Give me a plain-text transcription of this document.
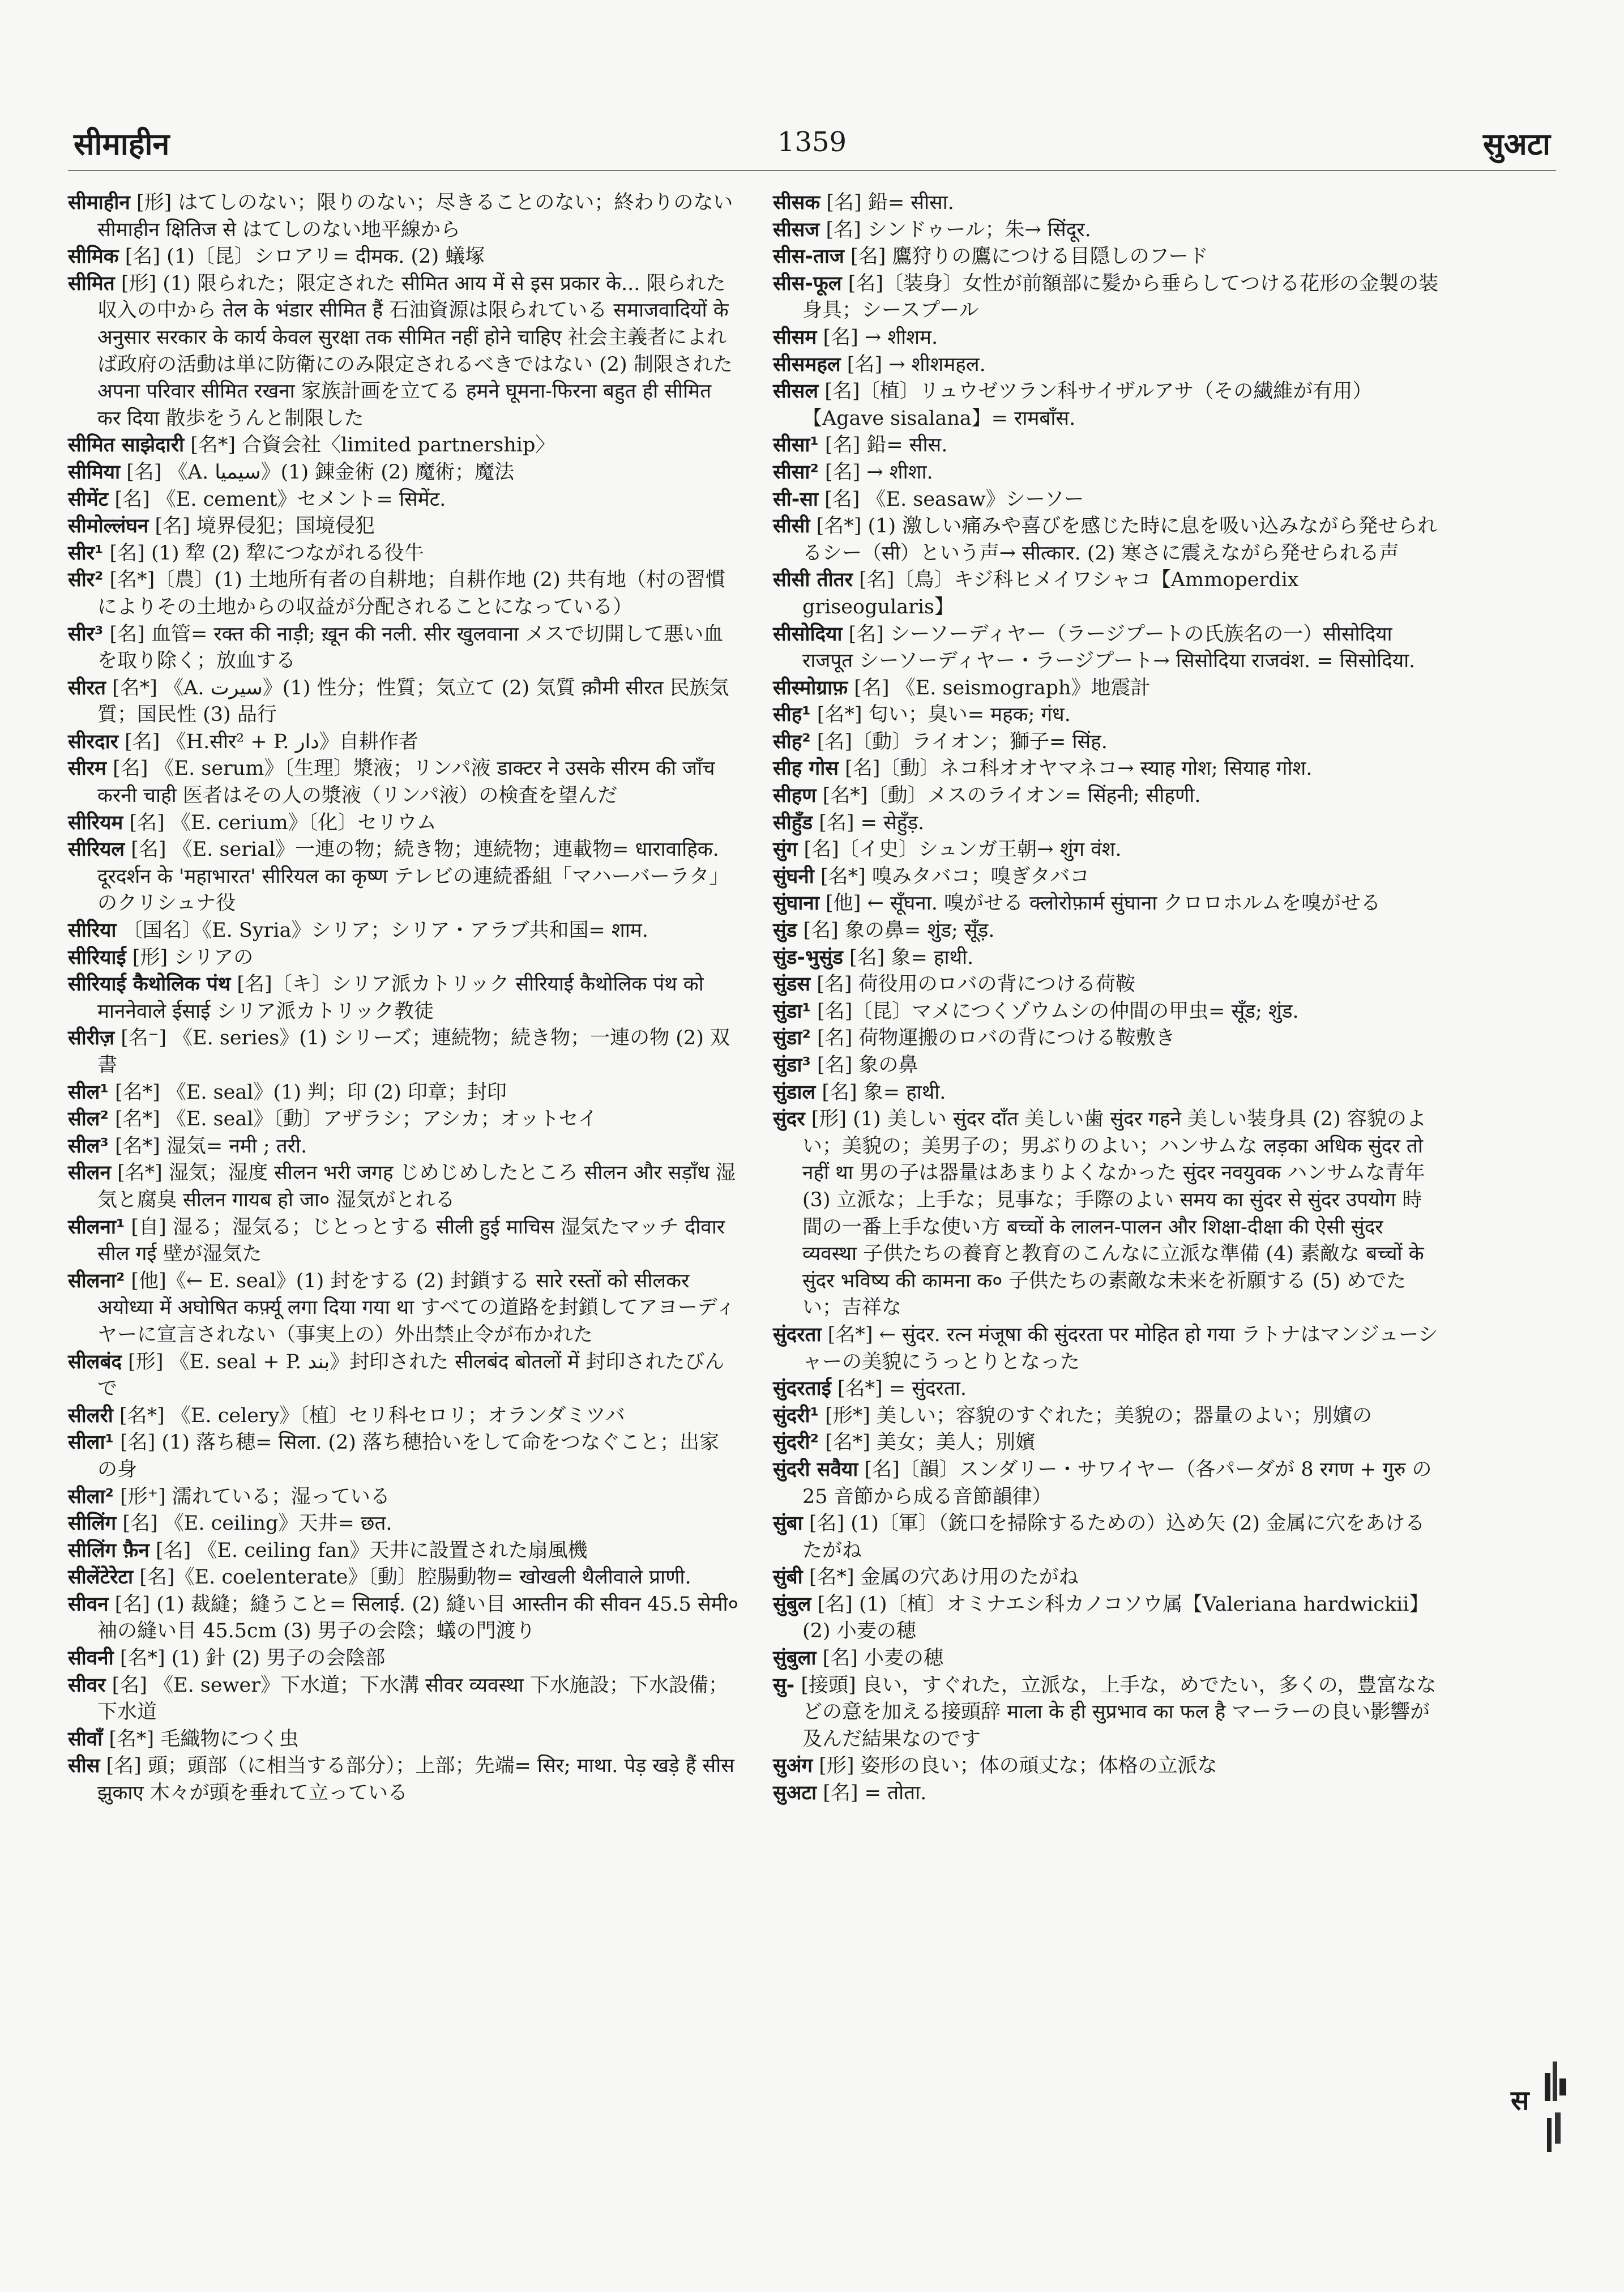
सीमाहीन	1359	सुअटा

सीमाहीन [形] はてしのない；限りのない；尽きることのない；終わりのない सीमाहीन क्षितिज से はてしのない地平線から

सीमिक [名] (1)〔昆〕シロアリ= दीमक. (2) 蟻塚

सीमित [形] (1) 限られた；限定された सीमित आय में से इस प्रकार के... 限られた収入の中から तेल के भंडार सीमित हैं 石油資源は限られている समाजवादियों के अनुसार सरकार के कार्य केवल सुरक्षा तक सीमित नहीं होने चाहिए 社会主義者によれば政府の活動は単に防衛にのみ限定されるべきではない (2) 制限された अपना परिवार सीमित रखना 家族計画を立てる हमने घूमना-फिरना बहुत ही सीमित कर दिया 散歩をうんと制限した

सीमित साझेदारी [名*] 合資会社〈limited partnership〉

सीमिया [名] 《A. سیمیا》(1) 錬金術 (2) 魔術；魔法

सीमेंट [名] 《E. cement》セメント= सिमेंट.

सीमोल्लंघन [名] 境界侵犯；国境侵犯

सीर¹ [名] (1) 犂 (2) 犂につながれる役牛

सीर² [名*]〔農〕(1) 土地所有者の自耕地；自耕作地 (2) 共有地（村の習慣によりその土地からの収益が分配されることになっている）

सीर³ [名] 血管= रक्त की नाड़ी; ख़ून की नली. सीर खुलवाना メスで切開して悪い血を取り除く；放血する

सीरत [名*] 《A. سیرت》(1) 性分；性質；気立て (2) 気質 क़ौमी सीरत 民族気質；国民性 (3) 品行

सीरदार [名] 《H.सीर² + P. دار》自耕作者

सीरम [名] 《E. serum》〔生理〕漿液；リンパ液 डाक्टर ने उसके सीरम की जाँच करनी चाही 医者はその人の漿液（リンパ液）の検査を望んだ

सीरियम [名] 《E. cerium》〔化〕セリウム

सीरियल [名] 《E. serial》一連の物；続き物；連続物；連載物= धारावाहिक. दूरदर्शन के 'महाभारत' सीरियल का कृष्ण テレビの連続番組「マハーバーラタ」のクリシュナ役

सीरिया 〔国名〕《E. Syria》シリア；シリア・アラブ共和国= शाम.

सीरियाई [形] シリアの

सीरियाई कैथोलिक पंथ [名]〔キ〕シリア派カトリック सीरियाई कैथोलिक पंथ को माननेवाले ईसाई シリア派カトリック教徒

सीरीज़ [名⁻] 《E. series》(1) シリーズ；連続物；続き物；一連の物 (2) 双書

सील¹ [名*] 《E. seal》(1) 判；印 (2) 印章；封印

सील² [名*] 《E. seal》〔動〕アザラシ；アシカ；オットセイ

सील³ [名*] 湿気= नमी ; तरी.

सीलन [名*] 湿気；湿度 सीलन भरी जगह じめじめしたところ सीलन और सड़ाँध 湿気と腐臭 सीलन गायब हो जा० 湿気がとれる

सीलना¹ [自] 湿る；湿気る；じとっとする सीली हुई माचिस 湿気たマッチ दीवार सील गई 壁が湿気た

सीलना² [他]《← E. seal》(1) 封をする (2) 封鎖する सारे रस्तों को सीलकर अयोध्या में अघोषित कर्फ़्यू लगा दिया गया था すべての道路を封鎖してアヨーディヤーに宣言されない（事実上の）外出禁止令が布かれた

सीलबंद [形] 《E. seal + P. بند》封印された सीलबंद बोतलों में 封印されたびんで

सीलरी [名*] 《E. celery》〔植〕セリ科セロリ；オランダミツバ

सीला¹ [名] (1) 落ち穂= सिला. (2) 落ち穂拾いをして命をつなぐこと；出家の身

सीला² [形⁺] 濡れている；湿っている

सीलिंग [名] 《E. ceiling》天井= छत.

सीलिंग फ़ैन [名] 《E. ceiling fan》天井に設置された扇風機

सीलेंटेरेटा [名]《E. coelenterate》〔動〕腔腸動物= खोखली थैलीवाले प्राणी.

सीवन [名] (1) 裁縫；縫うこと= सिलाई. (2) 縫い目 आस्तीन की सीवन 45.5 सेमी० 袖の縫い目 45.5cm (3) 男子の会陰；蟻の門渡り

सीवनी [名*] (1) 針 (2) 男子の会陰部

सीवर [名] 《E. sewer》下水道；下水溝 सीवर व्यवस्था 下水施設；下水設備；下水道

सीवाँ [名*] 毛織物につく虫

सीस [名] 頭；頭部（に相当する部分）；上部；先端= सिर; माथा. पेड़ खड़े हैं सीस झुकाए 木々が頭を垂れて立っている

सीसक [名] 鉛= सीसा.

सीसज [名] シンドゥール；朱→ सिंदूर.

सीस-ताज [名] 鷹狩りの鷹につける目隠しのフード

सीस-फूल [名]〔装身〕女性が前額部に髪から垂らしてつける花形の金製の装身具；シースプール

सीसम [名] → शीशम.

सीसमहल [名] → शीशमहल.

सीसल [名]〔植〕リュウゼツラン科サイザルアサ（その繊維が有用）【Agave sisalana】= रामबाँस.

सीसा¹ [名] 鉛= सीस.

सीसा² [名] → शीशा.

सी-सा [名] 《E. seasaw》シーソー

सीसी [名*] (1) 激しい痛みや喜びを感じた時に息を吸い込みながら発せられるシー（सी）という声→ सीत्कार. (2) 寒さに震えながら発せられる声

सीसी तीतर [名]〔鳥〕キジ科ヒメイワシャコ【Ammoperdix griseogularis】

सीसोदिया [名] シーソーディヤー（ラージプートの氏族名の一）सीसोदिया राजपूत シーソーディヤー・ラージプート→ सिसोदिया राजवंश. = सिसोदिया.

सीस्मोग्राफ़ [名] 《E. seismograph》地震計

सीह¹ [名*] 匂い；臭い= महक; गंध.

सीह² [名]〔動〕ライオン；獅子= सिंह.

सीह गोस [名]〔動〕ネコ科オオヤマネコ→ स्याह गोश; सियाह गोश.

सीहण [名*]〔動〕メスのライオン= सिंहनी; सीहणी.

सीहुँड [名] = सेहुँड़.

सुंग [名]〔イ史〕シュンガ王朝→ शुंग वंश.

सुंघनी [名*] 嗅みタバコ；嗅ぎタバコ

सुंघाना [他] ← सूँघना. 嗅がせる क्लोरोफ़ार्म सुंघाना クロロホルムを嗅がせる

सुंड [名] 象の鼻= शुंड; सूँड़.

सुंड-भुसुंड [名] 象= हाथी.

सुंडस [名] 荷役用のロバの背につける荷鞍

सुंडा¹ [名]〔昆〕マメにつくゾウムシの仲間の甲虫= सूँड; शुंड.

सुंडा² [名] 荷物運搬のロバの背につける鞍敷き

सुंडा³ [名] 象の鼻

सुंडाल [名] 象= हाथी.

सुंदर [形] (1) 美しい सुंदर दाँत 美しい歯 सुंदर गहने 美しい装身具 (2) 容貌のよい；美貌の；美男子の；男ぶりのよい；ハンサムな लड़का अधिक सुंदर तो नहीं था 男の子は器量はあまりよくなかった सुंदर नवयुवक ハンサムな青年 (3) 立派な；上手な；見事な；手際のよい समय का सुंदर से सुंदर उपयोग 時間の一番上手な使い方 बच्चों के लालन-पालन और शिक्षा-दीक्षा की ऐसी सुंदर व्यवस्था 子供たちの養育と教育のこんなに立派な準備 (4) 素敵な बच्चों के सुंदर भविष्य की कामना क० 子供たちの素敵な未来を祈願する (5) めでたい；吉祥な

सुंदरता [名*] ← सुंदर. रत्न मंजूषा की सुंदरता पर मोहित हो गया ラトナはマンジューシャーの美貌にうっとりとなった

सुंदरताई [名*] = सुंदरता.

सुंदरी¹ [形*] 美しい；容貌のすぐれた；美貌の；器量のよい；別嬪の

सुंदरी² [名*] 美女；美人；別嬪

सुंदरी सवैया [名]〔韻〕スンダリー・サワイヤー（各パーダが 8 रगण + गुरु の 25 音節から成る音節韻律）

सुंबा [名] (1)〔軍〕（銃口を掃除するための）込め矢 (2) 金属に穴をあけるたがね

सुंबी [名*] 金属の穴あけ用のたがね

सुंबुल [名] (1)〔植〕オミナエシ科カノコソウ属【Valeriana hardwickii】(2) 小麦の穂

सुंबुला [名] 小麦の穂

सु- [接頭] 良い，すぐれた，立派な，上手な，めでたい，多くの，豊富ななどの意を加える接頭辞 माला के ही सुप्रभाव का फल है マーラーの良い影響が及んだ結果なのです

सुअंग [形] 姿形の良い；体の頑丈な；体格の立派な

सुअटा [名] = तोता.

स
